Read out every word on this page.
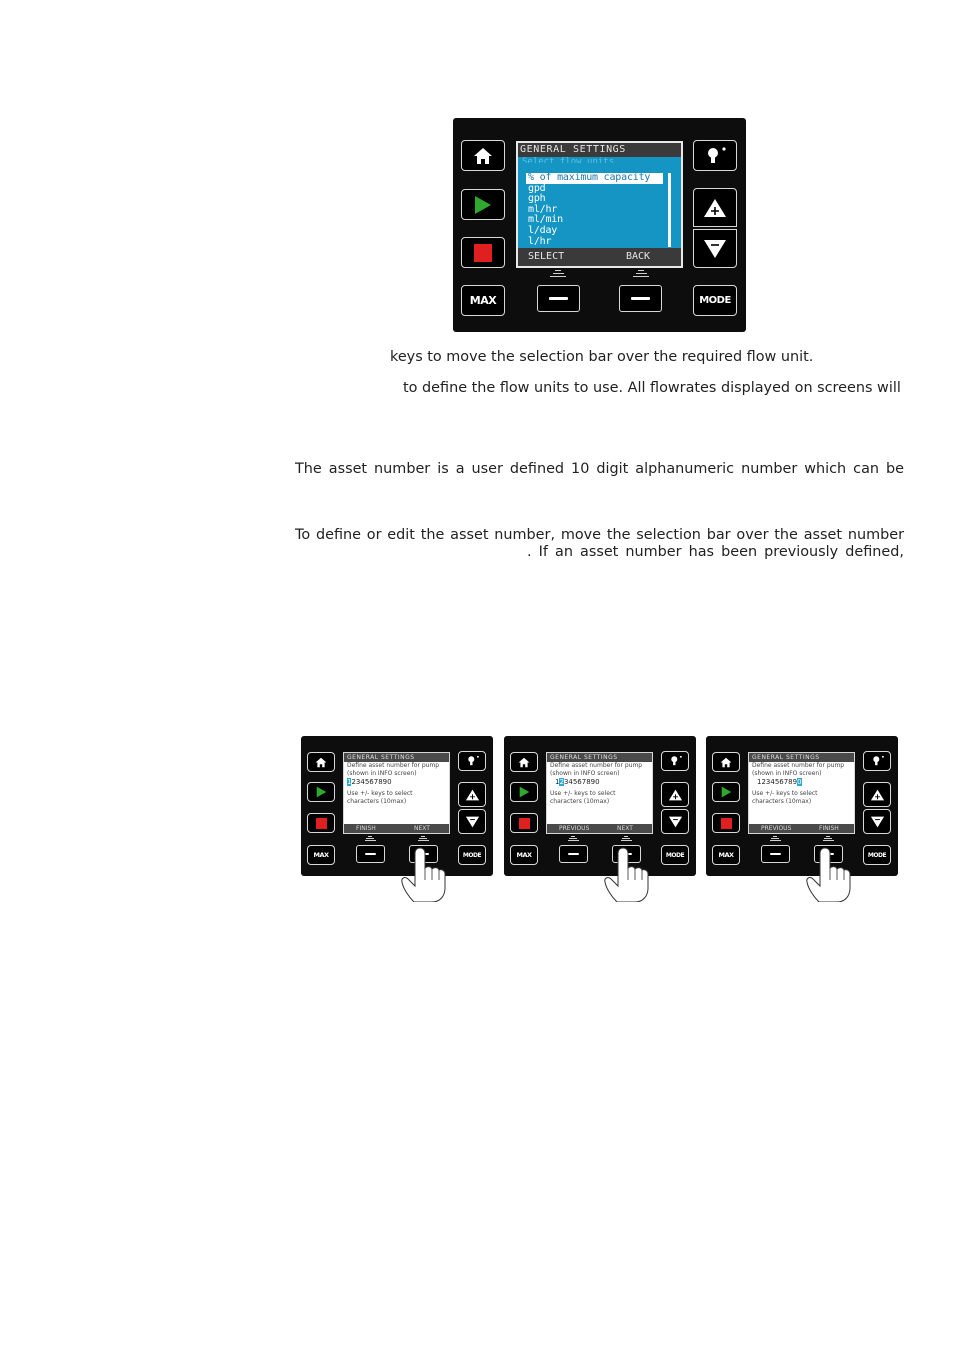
MAX	MODE
GENERAL SETTINGS
Select flow units
% of maximum capacity
gpd
gph
ml/hr
ml/min
l/day
l/hr
SELECT	BACK
keys to move the selection bar over the required flow unit.
to define the flow units to use. All flowrates displayed on screens will
The asset number is a user defined 10 digit alphanumeric number which can be
To define or edit the asset number, move the selection bar over the asset number
. If an asset number has been previously defined,
MAX	MODE
GENERAL SETTINGS
Define asset number for pump
(shown in INFO screen)
1234567890
Use +/- keys to select
characters (10max)
FINISH	NEXT
MAX	MODE
GENERAL SETTINGS
Define asset number for pump
(shown in INFO screen)
1234567890
Use +/- keys to select
characters (10max)
PREVIOUS	NEXT
MAX	MODE
GENERAL SETTINGS
Define asset number for pump
(shown in INFO screen)
1234567890
Use +/- keys to select
characters (10max)
PREVIOUS	FINISH
